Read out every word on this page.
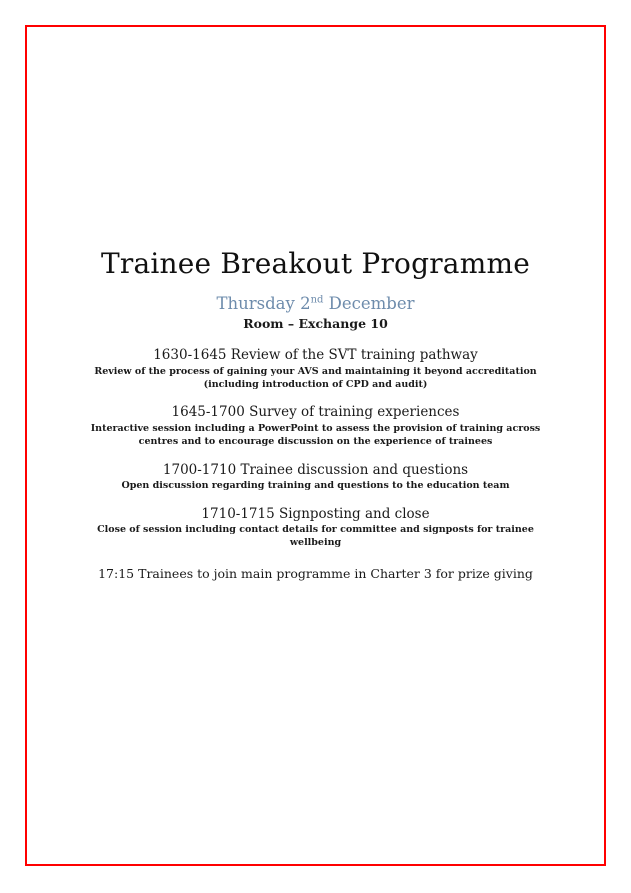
Trainee Breakout Programme
Thursday 2nd December
Room – Exchange 10
1630-1645 Review of the SVT training pathway
Review of the process of gaining your AVS and maintaining it beyond accreditation (including introduction of CPD and audit)
1645-1700 Survey of training experiences
Interactive session including a PowerPoint to assess the provision of training across centres and to encourage discussion on the experience of trainees
1700-1710 Trainee discussion and questions
Open discussion regarding training and questions to the education team
1710-1715 Signposting and close
Close of session including contact details for committee and signposts for trainee wellbeing
17:15 Trainees to join main programme in Charter 3 for prize giving
